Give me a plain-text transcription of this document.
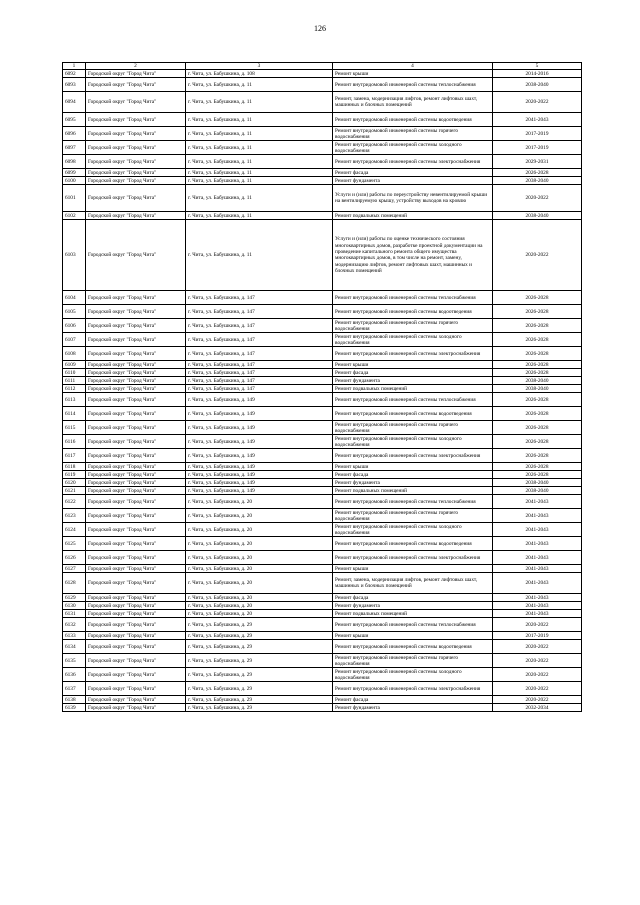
126
1	2	3	4	5
6092	Городской округ "Город Чита"	г. Чита, ул. Бабушкина, д. 108	Ремонт крыши	2014-2016
6093	Городской округ "Город Чита"	г. Чита, ул. Бабушкина, д. 11	Ремонт внутридомовой инженерной системы теплоснабжения	2038-2040
6094	Городской округ "Город Чита"	г. Чита, ул. Бабушкина, д. 11	Ремонт, замена, модернизация лифтов, ремонт лифтовых шахт, машинных и блочных помещений	2020-2022
6095	Городской округ "Город Чита"	г. Чита, ул. Бабушкина, д. 11	Ремонт внутридомовой инженерной системы водоотведения	2041-2043
6096	Городской округ "Город Чита"	г. Чита, ул. Бабушкина, д. 11	Ремонт внутридомовой инженерной системы горячего водоснабжения	2017-2019
6097	Городской округ "Город Чита"	г. Чита, ул. Бабушкина, д. 11	Ремонт внутридомовой инженерной системы холодного водоснабжения	2017-2019
6098	Городской округ "Город Чита"	г. Чита, ул. Бабушкина, д. 11	Ремонт внутридомовой инженерной системы электроснабжения	2029-2031
6099	Городской округ "Город Чита"	г. Чита, ул. Бабушкина, д. 11	Ремонт фасада	2026-2028
6100	Городской округ "Город Чита"	г. Чита, ул. Бабушкина, д. 11	Ремонт фундамента	2038-2040
6101	Городской округ "Город Чита"	г. Чита, ул. Бабушкина, д. 11	Услуги и (или) работы по переустройству невентилируемой крыши на вентилируемую крышу, устройству выходов на кровлю	2020-2022
6102	Городской округ "Город Чита"	г. Чита, ул. Бабушкина, д. 11	Ремонт подвальных помещений	2038-2040
6103	Городской округ "Город Чита"	г. Чита, ул. Бабушкина, д. 11	Услуги и (или) работы по оценке технического состояния многоквартирных домов, разработке проектной документации на проведение капитального ремонта общего имущества многоквартирных домов, в том числе на ремонт, замену, модернизацию лифтов, ремонт лифтовых шахт, машинных и блочных помещений	2020-2022
6104	Городской округ "Город Чита"	г. Чита, ул. Бабушкина, д. 147	Ремонт внутридомовой инженерной системы теплоснабжения	2026-2028
6105	Городской округ "Город Чита"	г. Чита, ул. Бабушкина, д. 147	Ремонт внутридомовой инженерной системы водоотведения	2026-2028
6106	Городской округ "Город Чита"	г. Чита, ул. Бабушкина, д. 147	Ремонт внутридомовой инженерной системы горячего водоснабжения	2026-2028
6107	Городской округ "Город Чита"	г. Чита, ул. Бабушкина, д. 147	Ремонт внутридомовой инженерной системы холодного водоснабжения	2026-2028
6108	Городской округ "Город Чита"	г. Чита, ул. Бабушкина, д. 147	Ремонт внутридомовой инженерной системы электроснабжения	2026-2028
6109	Городской округ "Город Чита"	г. Чита, ул. Бабушкина, д. 147	Ремонт крыши	2026-2028
6110	Городской округ "Город Чита"	г. Чита, ул. Бабушкина, д. 147	Ремонт фасада	2026-2028
6111	Городской округ "Город Чита"	г. Чита, ул. Бабушкина, д. 147	Ремонт фундамента	2038-2040
6112	Городской округ "Город Чита"	г. Чита, ул. Бабушкина, д. 147	Ремонт подвальных помещений	2038-2040
6113	Городской округ "Город Чита"	г. Чита, ул. Бабушкина, д. 149	Ремонт внутридомовой инженерной системы теплоснабжения	2026-2028
6114	Городской округ "Город Чита"	г. Чита, ул. Бабушкина, д. 149	Ремонт внутридомовой инженерной системы водоотведения	2026-2028
6115	Городской округ "Город Чита"	г. Чита, ул. Бабушкина, д. 149	Ремонт внутридомовой инженерной системы горячего водоснабжения	2026-2028
6116	Городской округ "Город Чита"	г. Чита, ул. Бабушкина, д. 149	Ремонт внутридомовой инженерной системы холодного водоснабжения	2026-2028
6117	Городской округ "Город Чита"	г. Чита, ул. Бабушкина, д. 149	Ремонт внутридомовой инженерной системы электроснабжения	2026-2028
6118	Городской округ "Город Чита"	г. Чита, ул. Бабушкина, д. 149	Ремонт крыши	2026-2028
6119	Городской округ "Город Чита"	г. Чита, ул. Бабушкина, д. 149	Ремонт фасада	2026-2028
6120	Городской округ "Город Чита"	г. Чита, ул. Бабушкина, д. 149	Ремонт фундамента	2038-2040
6121	Городской округ "Город Чита"	г. Чита, ул. Бабушкина, д. 149	Ремонт подвальных помещений	2038-2040
6122	Городской округ "Город Чита"	г. Чита, ул. Бабушкина, д. 20	Ремонт внутридомовой инженерной системы теплоснабжения	2041-2043
6123	Городской округ "Город Чита"	г. Чита, ул. Бабушкина, д. 20	Ремонт внутридомовой инженерной системы горячего водоснабжения	2041-2043
6124	Городской округ "Город Чита"	г. Чита, ул. Бабушкина, д. 20	Ремонт внутридомовой инженерной системы холодного водоснабжения	2041-2043
6125	Городской округ "Город Чита"	г. Чита, ул. Бабушкина, д. 20	Ремонт внутридомовой инженерной системы водоотведения	2041-2043
6126	Городской округ "Город Чита"	г. Чита, ул. Бабушкина, д. 20	Ремонт внутридомовой инженерной системы электроснабжения	2041-2043
6127	Городской округ "Город Чита"	г. Чита, ул. Бабушкина, д. 20	Ремонт крыши	2041-2043
6128	Городской округ "Город Чита"	г. Чита, ул. Бабушкина, д. 20	Ремонт, замена, модернизация лифтов, ремонт лифтовых шахт, машинных и блочных помещений	2041-2043
6129	Городской округ "Город Чита"	г. Чита, ул. Бабушкина, д. 20	Ремонт фасада	2041-2043
6130	Городской округ "Город Чита"	г. Чита, ул. Бабушкина, д. 20	Ремонт фундамента	2041-2043
6131	Городской округ "Город Чита"	г. Чита, ул. Бабушкина, д. 20	Ремонт подвальных помещений	2041-2043
6132	Городской округ "Город Чита"	г. Чита, ул. Бабушкина, д. 29	Ремонт внутридомовой инженерной системы теплоснабжения	2020-2022
6133	Городской округ "Город Чита"	г. Чита, ул. Бабушкина, д. 29	Ремонт крыши	2017-2019
6134	Городской округ "Город Чита"	г. Чита, ул. Бабушкина, д. 29	Ремонт внутридомовой инженерной системы водоотведения	2020-2022
6135	Городской округ "Город Чита"	г. Чита, ул. Бабушкина, д. 29	Ремонт внутридомовой инженерной системы горячего водоснабжения	2020-2022
6136	Городской округ "Город Чита"	г. Чита, ул. Бабушкина, д. 29	Ремонт внутридомовой инженерной системы холодного водоснабжения	2020-2022
6137	Городской округ "Город Чита"	г. Чита, ул. Бабушкина, д. 29	Ремонт внутридомовой инженерной системы электроснабжения	2020-2022
6138	Городской округ "Город Чита"	г. Чита, ул. Бабушкина, д. 29	Ремонт фасада	2020-2022
6139	Городской округ "Город Чита"	г. Чита, ул. Бабушкина, д. 29	Ремонт фундамента	2032-2034
